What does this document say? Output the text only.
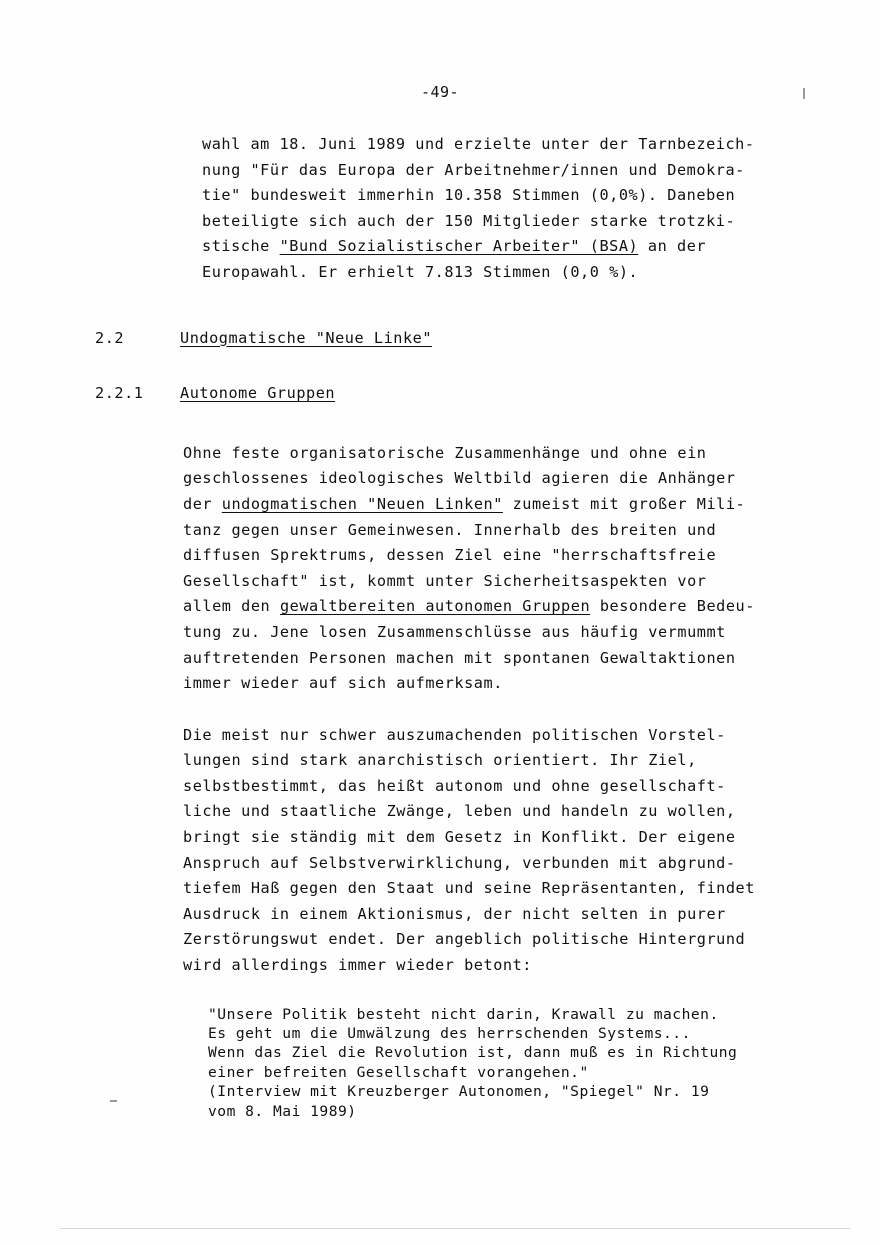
-49-
wahl am 18. Juni 1989 und erzielte unter der Tarnbezeich-
nung "Für das Europa der Arbeitnehmer/innen und Demokra-
tie" bundesweit immerhin 10.358 Stimmen (0,0%). Daneben
beteiligte sich auch der 150 Mitglieder starke trotzki-
stische "Bund Sozialistischer Arbeiter" (BSA) an der
Europawahl. Er erhielt 7.813 Stimmen (0,0 %).
2.2	Undogmatische "Neue Linke"
2.2.1	Autonome Gruppen
Ohne feste organisatorische Zusammenhänge und ohne ein
geschlossenes ideologisches Weltbild agieren die Anhänger
der undogmatischen "Neuen Linken" zumeist mit großer Mili-
tanz gegen unser Gemeinwesen. Innerhalb des breiten und
diffusen Sprektrums, dessen Ziel eine "herrschaftsfreie
Gesellschaft" ist, kommt unter Sicherheitsaspekten vor
allem den gewaltbereiten autonomen Gruppen besondere Bedeu-
tung zu. Jene losen Zusammenschlüsse aus häufig vermummt
auftretenden Personen machen mit spontanen Gewaltaktionen
immer wieder auf sich aufmerksam.
Die meist nur schwer auszumachenden politischen Vorstel-
lungen sind stark anarchistisch orientiert. Ihr Ziel,
selbstbestimmt, das heißt autonom und ohne gesellschaft-
liche und staatliche Zwänge, leben und handeln zu wollen,
bringt sie ständig mit dem Gesetz in Konflikt. Der eigene
Anspruch auf Selbstverwirklichung, verbunden mit abgrund-
tiefem Haß gegen den Staat und seine Repräsentanten, findet
Ausdruck in einem Aktionismus, der nicht selten in purer
Zerstörungswut endet. Der angeblich politische Hintergrund
wird allerdings immer wieder betont:
"Unsere Politik besteht nicht darin, Krawall zu machen.
Es geht um die Umwälzung des herrschenden Systems...
Wenn das Ziel die Revolution ist, dann muß es in Richtung
einer befreiten Gesellschaft vorangehen."
(Interview mit Kreuzberger Autonomen, "Spiegel" Nr. 19
vom 8. Mai 1989)
